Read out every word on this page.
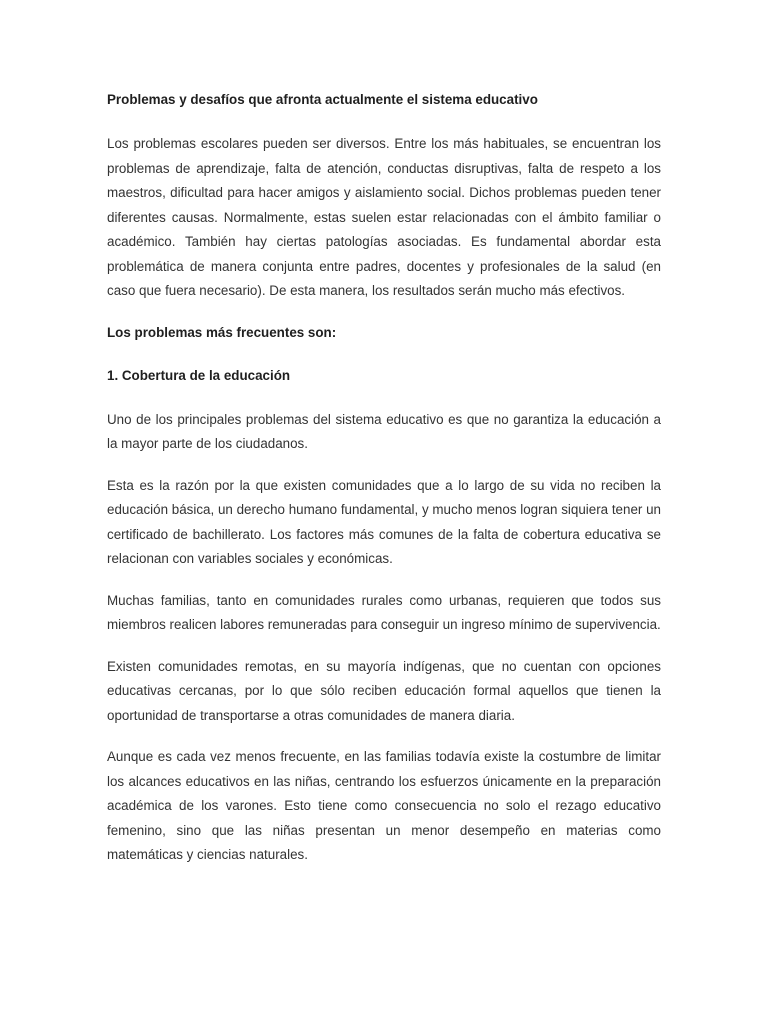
Problemas y desafíos que afronta actualmente el sistema educativo

Los problemas escolares pueden ser diversos. Entre los más habituales, se encuentran los problemas de aprendizaje, falta de atención, conductas disruptivas, falta de respeto a los maestros, dificultad para hacer amigos y aislamiento social. Dichos problemas pueden tener diferentes causas. Normalmente, estas suelen estar relacionadas con el ámbito familiar o académico. También hay ciertas patologías asociadas. Es fundamental abordar esta problemática de manera conjunta entre padres, docentes y profesionales de la salud (en caso que fuera necesario). De esta manera, los resultados serán mucho más efectivos.

Los problemas más frecuentes son:

1. Cobertura de la educación

Uno de los principales problemas del sistema educativo es que no garantiza la educación a la mayor parte de los ciudadanos.

Esta es la razón por la que existen comunidades que a lo largo de su vida no reciben la educación básica, un derecho humano fundamental, y mucho menos logran siquiera tener un certificado de bachillerato. Los factores más comunes de la falta de cobertura educativa se relacionan con variables sociales y económicas.

Muchas familias, tanto en comunidades rurales como urbanas, requieren que todos sus miembros realicen labores remuneradas para conseguir un ingreso mínimo de supervivencia.

Existen comunidades remotas, en su mayoría indígenas, que no cuentan con opciones educativas cercanas, por lo que sólo reciben educación formal aquellos que tienen la oportunidad de transportarse a otras comunidades de manera diaria.

Aunque es cada vez menos frecuente, en las familias todavía existe la costumbre de limitar los alcances educativos en las niñas, centrando los esfuerzos únicamente en la preparación académica de los varones. Esto tiene como consecuencia no solo el rezago educativo femenino, sino que las niñas presentan un menor desempeño en materias como matemáticas y ciencias naturales.
